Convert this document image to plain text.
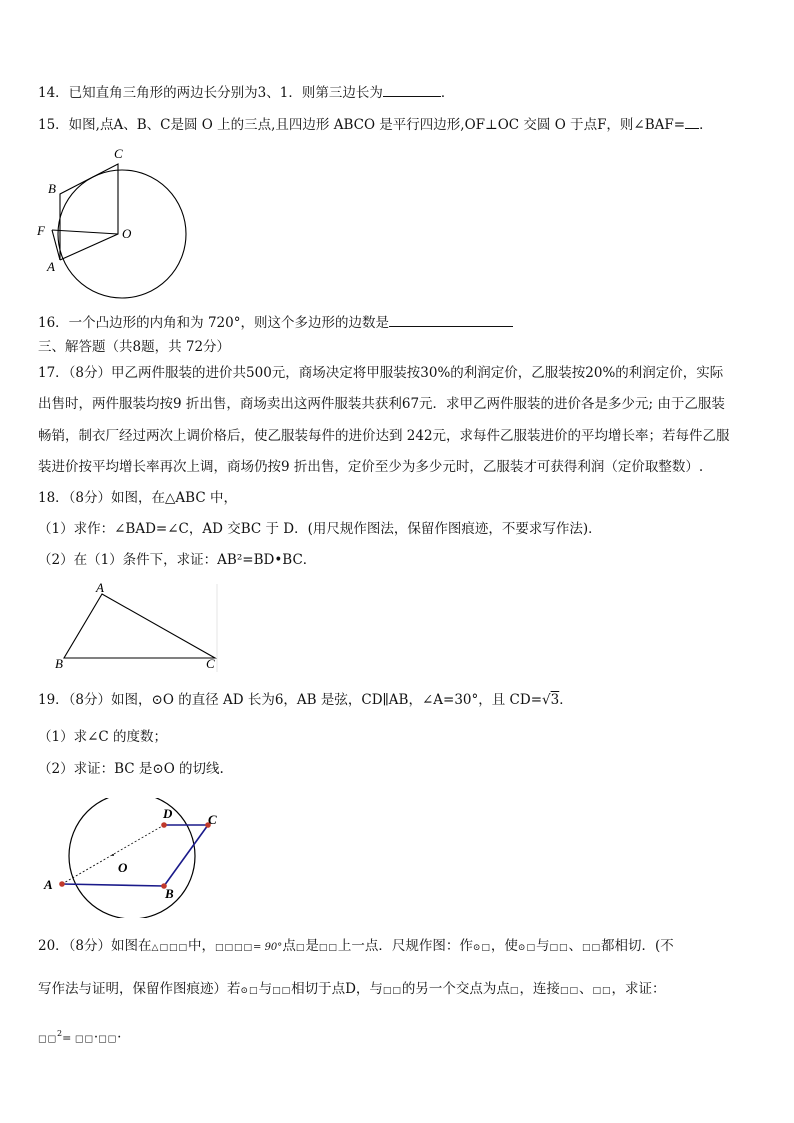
14．已知直角三角形的两边长分别为3、1．则第三边长为	．
15．如图,点A、B、C是圆 O 上的三点,且四边形 ABCO 是平行四边形,OF⊥OC 交圆 O 于点F，则∠BAF= ．
C
B
F	O
A
16．一个凸边形的内角和为 720°，则这个多边形的边数是
三、解答题（共8题，共 72分）
17．（8分）甲乙两件服装的进价共500元，商场决定将甲服装按30%的利润定价，乙服装按20%的利润定价，实际
出售时，两件服装均按9 折出售，商场卖出这两件服装共获利67元．求甲乙两件服装的进价各是多少元; 由于乙服装
畅销，制衣厂经过两次上调价格后，使乙服装每件的进价达到 242元，求每件乙服装进价的平均增长率；若每件乙服
装进价按平均增长率再次上调，商场仍按9 折出售，定价至少为多少元时，乙服装才可获得利润（定价取整数）.
18．（8分）如图，在△ABC 中，
（1）求作：∠BAD=∠C，AD 交BC 于 D．(用尺规作图法，保留作图痕迹，不要求写作法)．
（2）在（1）条件下，求证：AB²=BD•BC．
A
B	C
19．（8分）如图，⊙O 的直径 AD 长为6，AB 是弦，CD∥AB，∠A=30°，且 CD=√3．
（1）求∠C 的度数；
（2）求证：BC 是⊙O 的切线.
D	C
O
A
B
20．（8分）如图在△□□□中，□□□□= 90°点□是□□上一点．尺规作图：作⊙□，使⊙□与□□、□□都相切．(不
写作法与证明，保留作图痕迹）若⊙□与□□相切于点D，与□□的另一个交点为点□，连接□□、□□，求证：
□□$^2$= □□·□□·
